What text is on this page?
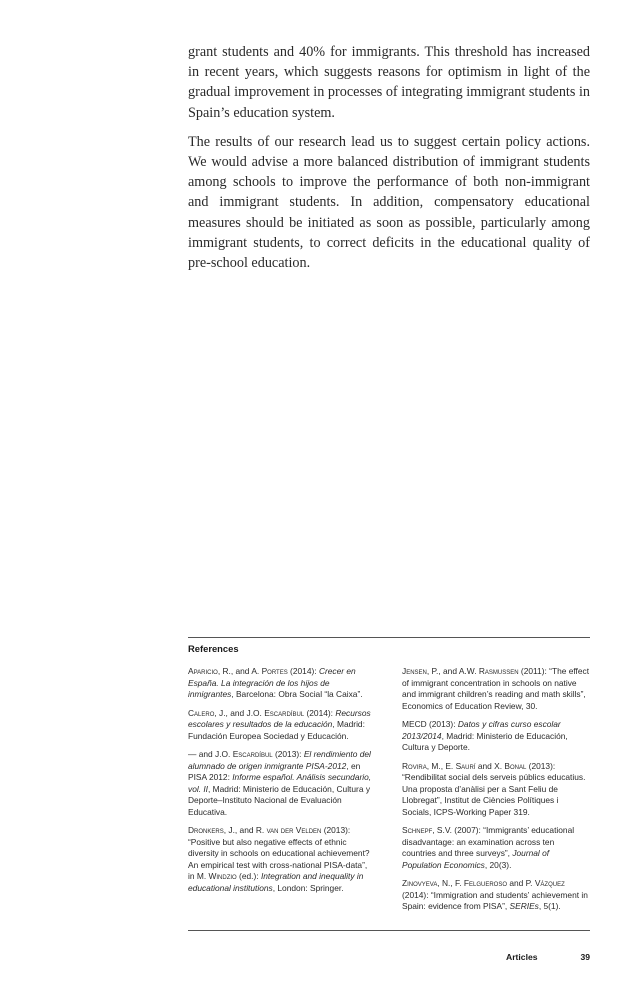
grant students and 40% for immigrants. This threshold has increased in recent years, which suggests reasons for optimism in light of the gradual improvement in processes of integrating immigrant students in Spain’s education system.

The results of our research lead us to suggest certain policy actions. We would advise a more balanced distribution of immigrant students among schools to improve the performance of both non-immigrant and immigrant students. In addition, compensatory educational measures should be initiated as soon as possible, particularly among immigrant students, to correct deficits in the educational quality of pre-school education.

References

Aparicio, R., and A. Portes (2014): Crecer en España. La integración de los hijos de inmigrantes, Barcelona: Obra Social “la Caixa”.

Calero, J., and J.O. Escardíbul (2014): Recursos escolares y resultados de la educación, Madrid: Fundación Europea Sociedad y Educación.

— and J.O. Escardíbul (2013): El rendimiento del alumnado de origen inmigrante PISA-2012, en PISA 2012: Informe español. Análisis secundario, vol. II, Madrid: Ministerio de Educación, Cultura y Deporte–Instituto Nacional de Evaluación Educativa.

Dronkers, J., and R. van der Velden (2013): “Positive but also negative effects of ethnic diversity in schools on educational achievement? An empirical test with cross-national PISA-data”, in M. Windzio (ed.): Integration and inequality in educational institutions, London: Springer.

Jensen, P., and A.W. Rasmussen (2011): “The effect of immigrant concentration in schools on native and immigrant children’s reading and math skills”, Economics of Education Review, 30.

MECD (2013): Datos y cifras curso escolar 2013/2014, Madrid: Ministerio de Educación, Cultura y Deporte.

Rovira, M., E. Saurí and X. Bonal (2013): “Rendibilitat social dels serveis públics educatius. Una proposta d’anàlisi per a Sant Feliu de Llobregat”, Institut de Ciències Polítiques i Socials, ICPS-Working Paper 319.

Schnepf, S.V. (2007): “Immigrants’ educational disadvantage: an examination across ten countries and three surveys”, Journal of Population Economics, 20(3).

Zinovyeva, N., F. Felgueroso and P. Vázquez (2014): “Immigration and students’ achievement in Spain: evidence from PISA”, SERIEs, 5(1).

Articles	39
